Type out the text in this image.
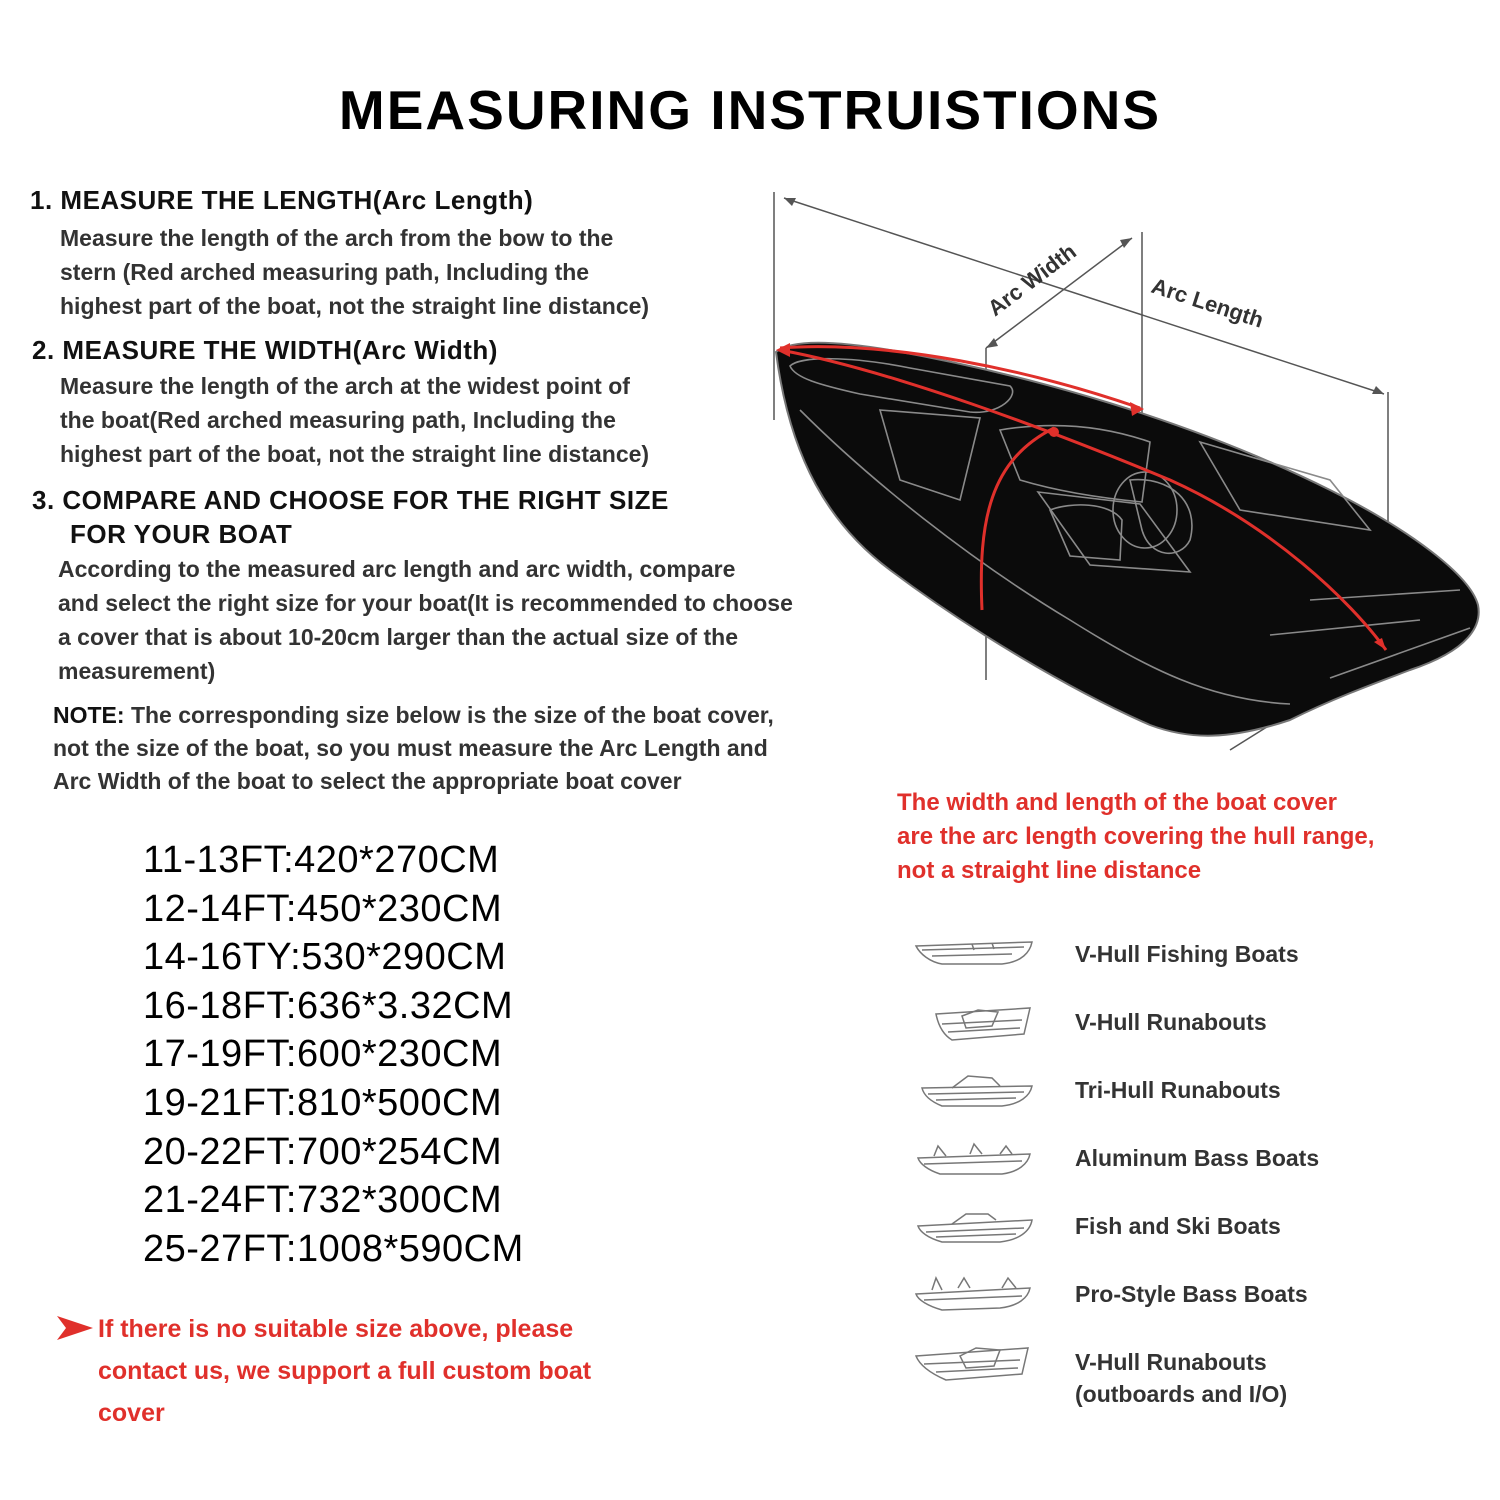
MEASURING INSTRUISTIONS
1. MEASURE THE LENGTH(Arc Length)
Measure the length of the arch from the bow to the
stern (Red arched measuring path, Including the
highest part of the boat, not the straight line distance)
2. MEASURE THE WIDTH(Arc Width)
Measure the length of the arch at the widest point of
the boat(Red arched measuring path, Including the
highest part of the boat, not the straight line distance)
3. COMPARE AND CHOOSE FOR THE RIGHT SIZE
FOR YOUR BOAT
According to the measured arc length and arc width, compare
and select the right size for your boat(It is recommended to choose
a cover that is about 10-20cm larger than the actual size of the
measurement)
NOTE: The corresponding size below is the size of the boat cover,
not the size of the boat, so you must measure the Arc Length and
Arc Width of the boat to select the appropriate boat cover
Arc Width	Arc Length
The width and length of the boat cover
are the arc length covering the hull range,
not a straight line distance
11-13FT:420*270CM
12-14FT:450*230CM
14-16TY:530*290CM
16-18FT:636*3.32CM
17-19FT:600*230CM
19-21FT:810*500CM
20-22FT:700*254CM
21-24FT:732*300CM
25-27FT:1008*590CM
If there is no suitable size above, please
contact us, we support a full custom boat
cover
V-Hull Fishing Boats
V-Hull Runabouts
Tri-Hull Runabouts
Aluminum Bass Boats
Fish and Ski Boats
Pro-Style Bass Boats
V-Hull Runabouts
(outboards and I/O)
